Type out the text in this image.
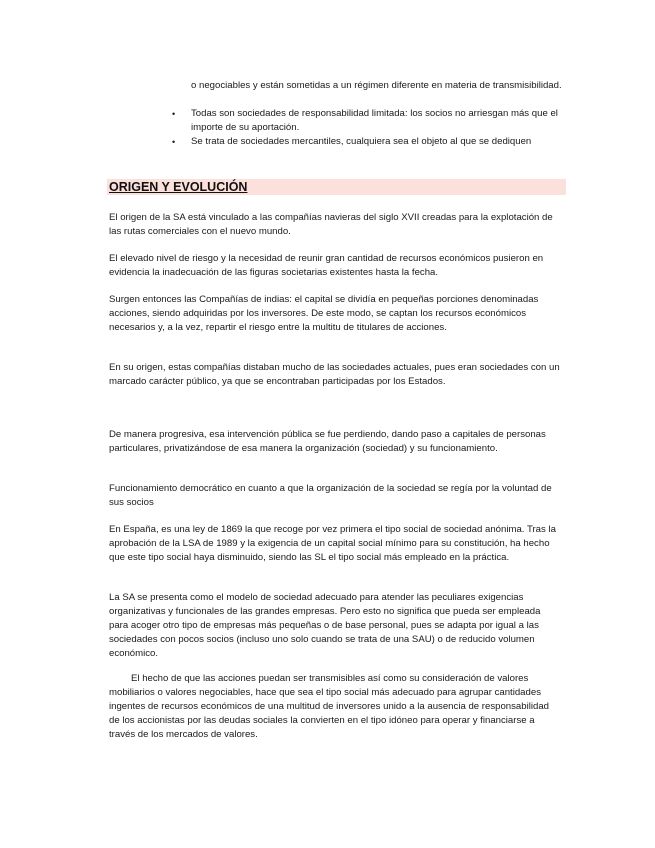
o negociables y están sometidas a un régimen diferente en materia de transmisibilidad.

• Todas son sociedades de responsabilidad limitada: los socios no arriesgan más que el importe de su aportación.
• Se trata de sociedades mercantiles, cualquiera sea el objeto al que se dediquen
ORIGEN Y EVOLUCIÓN

El origen de la SA está vinculado a las compañías navieras del siglo XVII creadas para la explotación de las rutas comerciales con el nuevo mundo.

El elevado nivel de riesgo y la necesidad de reunir gran cantidad de recursos económicos pusieron en evidencia la inadecuación de las figuras societarias existentes hasta la fecha.

Surgen entonces las Compañías de indias: el capital se dividía en pequeñas porciones denominadas acciones, siendo adquiridas por los inversores. De este modo, se captan los recursos económicos necesarios y, a la vez, repartir el riesgo entre la multitu de titulares de acciones.

En su origen, estas compañías distaban mucho de las sociedades actuales, pues eran sociedades con un marcado carácter público, ya que se encontraban participadas por los Estados.

De manera progresiva, esa intervención pública se fue perdiendo, dando paso a capitales de personas particulares, privatizándose de esa manera la organización (sociedad) y su funcionamiento.

Funcionamiento democrático en cuanto a que la organización de la sociedad se regía por la voluntad de sus socios

En España, es una ley de 1869 la que recoge por vez primera el tipo social de sociedad anónima. Tras la aprobación de la LSA de 1989 y la exigencia de un capital social mínimo para su constitución, ha hecho que este tipo social haya disminuido, siendo las SL el tipo social más empleado en la práctica.

La SA se presenta como el modelo de sociedad adecuado para atender las peculiares exigencias organizativas y funcionales de las grandes empresas. Pero esto no significa que pueda ser empleada para acoger otro tipo de empresas más pequeñas o de base personal, pues se adapta por igual a las sociedades con pocos socios (incluso uno solo cuando se trata de una SAU) o de reducido volumen económico.

El hecho de que las acciones puedan ser transmisibles así como su consideración de valores mobiliarios o valores negociables, hace que sea el tipo social más adecuado para agrupar cantidades ingentes de recursos económicos de una multitud de inversores unido a la ausencia de responsabilidad de los accionistas por las deudas sociales la convierten en el tipo idóneo para operar y financiarse a través de los mercados de valores.
